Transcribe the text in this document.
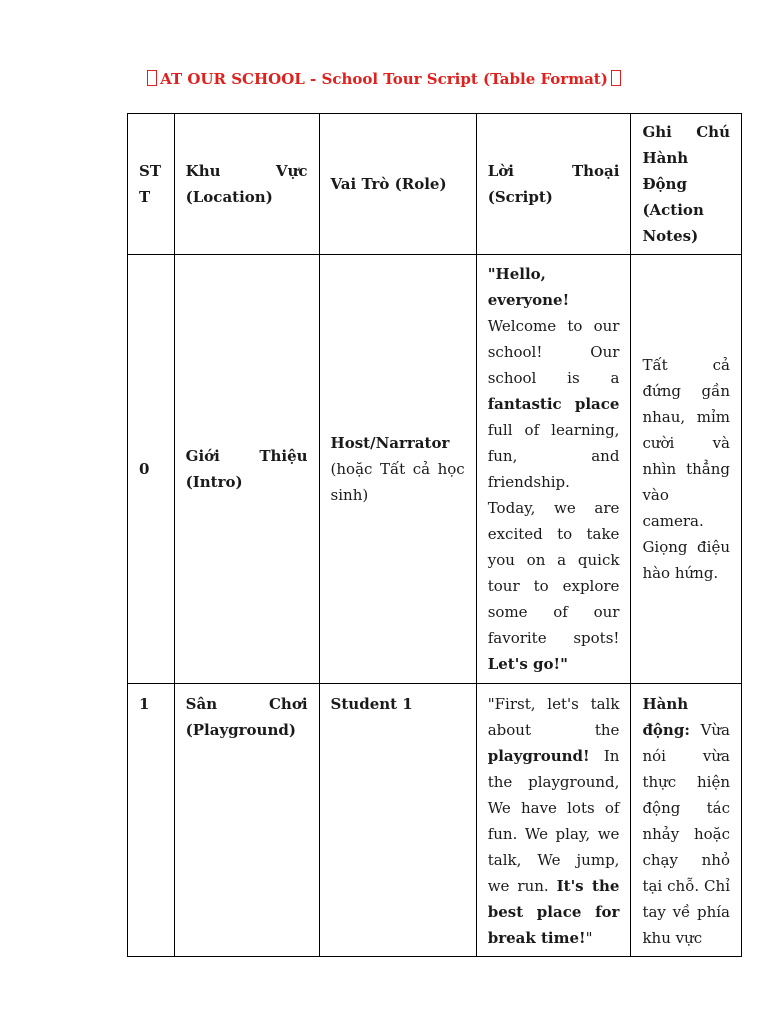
AT OUR SCHOOL - School Tour Script (Table Format)
STT	Khu Vực (Location)	Vai Trò (Role)	Lời Thoại (Script)	Ghi Chú Hành Động (Action Notes)
0	Giới Thiệu (Intro)	Host/Narrator (hoặc Tất cả học sinh)	"Hello, everyone! Welcome to our school! Our school is a fantastic place full of learning, fun, and friendship. Today, we are excited to take you on a quick tour to explore some of our favorite spots! Let's go!"	Tất cả đứng gần nhau, mỉm cười và nhìn thẳng vào camera. Giọng điệu hào hứng.
1	Sân Chơi (Playground)	Student 1	"First, let's talk about the playground! In the playground, We have lots of fun. We play, we talk, We jump, we run. It's the best place for break time!"	Hành động: Vừa nói vừa thực hiện động tác nhảy hoặc chạy nhỏ tại chỗ. Chỉ tay về phía khu vực
